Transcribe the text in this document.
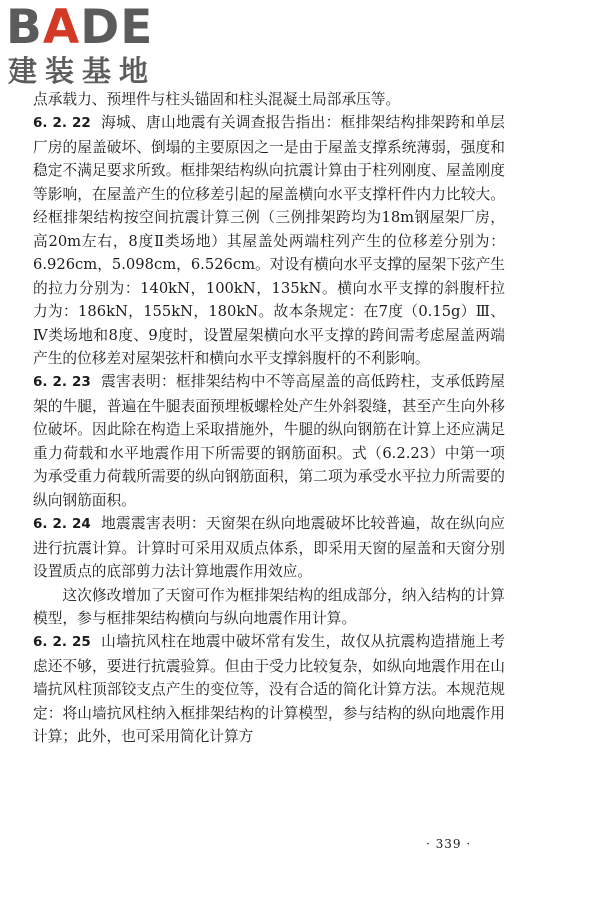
BADE
建装基地

点承载力、预埋件与柱头锚固和柱头混凝土局部承压等。

6. 2. 22 海城、唐山地震有关调查报告指出：框排架结构排架跨和单层厂房的屋盖破坏、倒塌的主要原因之一是由于屋盖支撑系统薄弱，强度和稳定不满足要求所致。框排架结构纵向抗震计算由于柱列刚度、屋盖刚度等影响，在屋盖产生的位移差引起的屋盖横向水平支撑杆件内力比较大。经框排架结构按空间抗震计算三例（三例排架跨均为18m钢屋架厂房，高20m左右，8度Ⅱ类场地）其屋盖处两端柱列产生的位移差分别为：6.926cm，5.098cm，6.526cm。对设有横向水平支撑的屋架下弦产生的拉力分别为：140kN，100kN，135kN。横向水平支撑的斜腹杆拉力为：186kN，155kN，180kN。故本条规定：在7度（0.15g）Ⅲ、Ⅳ类场地和8度、9度时，设置屋架横向水平支撑的跨间需考虑屋盖两端产生的位移差对屋架弦杆和横向水平支撑斜腹杆的不利影响。

6. 2. 23 震害表明：框排架结构中不等高屋盖的高低跨柱，支承低跨屋架的牛腿，普遍在牛腿表面预埋板螺栓处产生外斜裂缝，甚至产生向外移位破坏。因此除在构造上采取措施外，牛腿的纵向钢筋在计算上还应满足重力荷载和水平地震作用下所需要的钢筋面积。式（6.2.23）中第一项为承受重力荷载所需要的纵向钢筋面积，第二项为承受水平拉力所需要的纵向钢筋面积。

6. 2. 24 地震震害表明：天窗架在纵向地震破坏比较普遍，故在纵向应进行抗震计算。计算时可采用双质点体系，即采用天窗的屋盖和天窗分别设置质点的底部剪力法计算地震作用效应。

这次修改增加了天窗可作为框排架结构的组成部分，纳入结构的计算模型，参与框排架结构横向与纵向地震作用计算。

6. 2. 25 山墙抗风柱在地震中破坏常有发生，故仅从抗震构造措施上考虑还不够，要进行抗震验算。但由于受力比较复杂，如纵向地震作用在山墙抗风柱顶部铰支点产生的变位等，没有合适的简化计算方法。本规范规定：将山墙抗风柱纳入框排架结构的计算模型，参与结构的纵向地震作用计算；此外，也可采用简化计算方

· 339 ·
